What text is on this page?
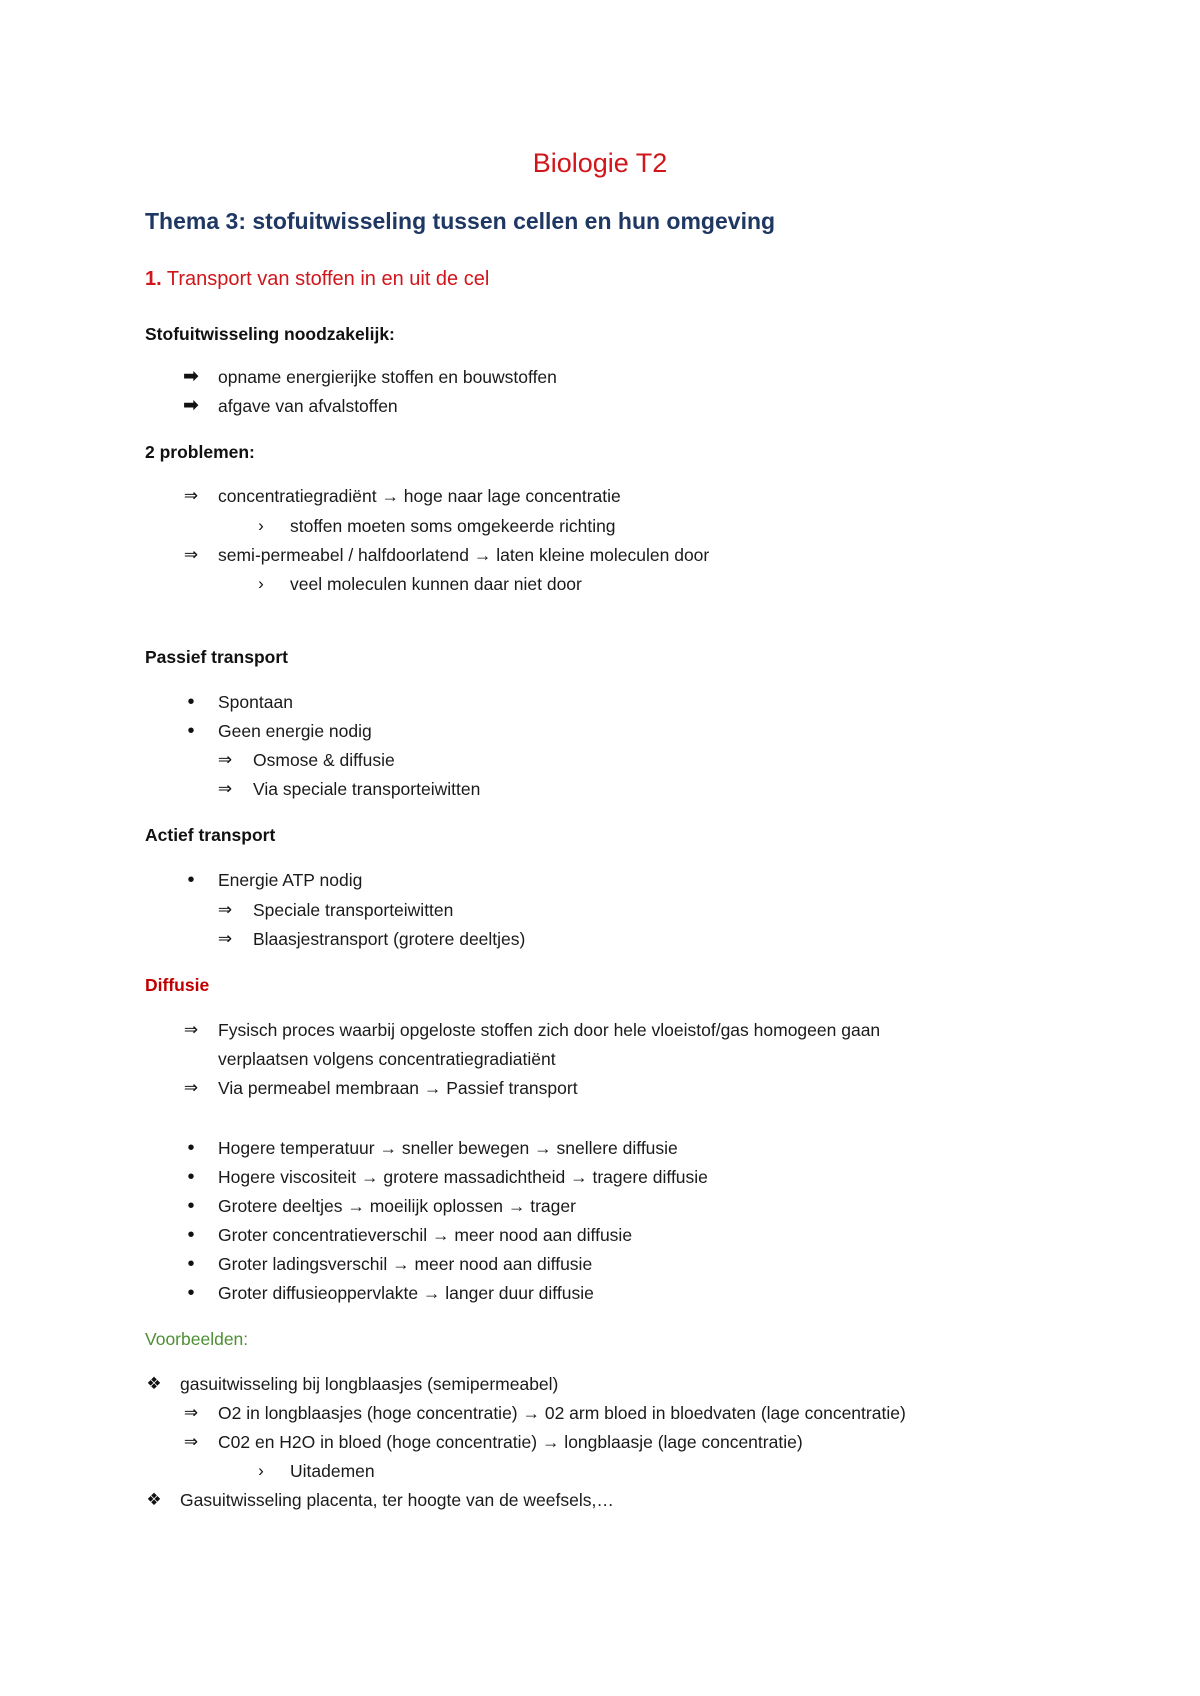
Biologie T2
Thema 3: stofuitwisseling tussen cellen en hun omgeving
1. Transport van stoffen in en uit de cel
Stofuitwisseling noodzakelijk:
➡ opname energierijke stoffen en bouwstoffen
➡ afgave van afvalstoffen
2 problemen:
⇒ concentratiegradiënt → hoge naar lage concentratie
›	stoffen moeten soms omgekeerde richting
⇒ semi-permeabel / halfdoorlatend → laten kleine moleculen door
›	veel moleculen kunnen daar niet door
Passief transport
•	Spontaan
•	Geen energie nodig
⇒ Osmose & diffusie
⇒ Via speciale transporteiwitten
Actief transport
•	Energie ATP nodig
⇒ Speciale transporteiwitten
⇒ Blaasjestransport (grotere deeltjes)
Diffusie
⇒ Fysisch proces waarbij opgeloste stoffen zich door hele vloeistof/gas homogeen gaan
verplaatsen volgens concentratiegradiatiënt
⇒ Via permeabel membraan → Passief transport
•	Hogere temperatuur → sneller bewegen → snellere diffusie
•	Hogere viscositeit → grotere massadichtheid → tragere diffusie
•	Grotere deeltjes → moeilijk oplossen → trager
•	Groter concentratieverschil → meer nood aan diffusie
•	Groter ladingsverschil → meer nood aan diffusie
•	Groter diffusieoppervlakte → langer duur diffusie
Voorbeelden:
❖ gasuitwisseling bij longblaasjes (semipermeabel)
⇒ O2 in longblaasjes (hoge concentratie) → 02 arm bloed in bloedvaten (lage concentratie)
⇒ C02 en H2O in bloed (hoge concentratie) → longblaasje (lage concentratie)
›	Uitademen
❖ Gasuitwisseling placenta, ter hoogte van de weefsels,…
